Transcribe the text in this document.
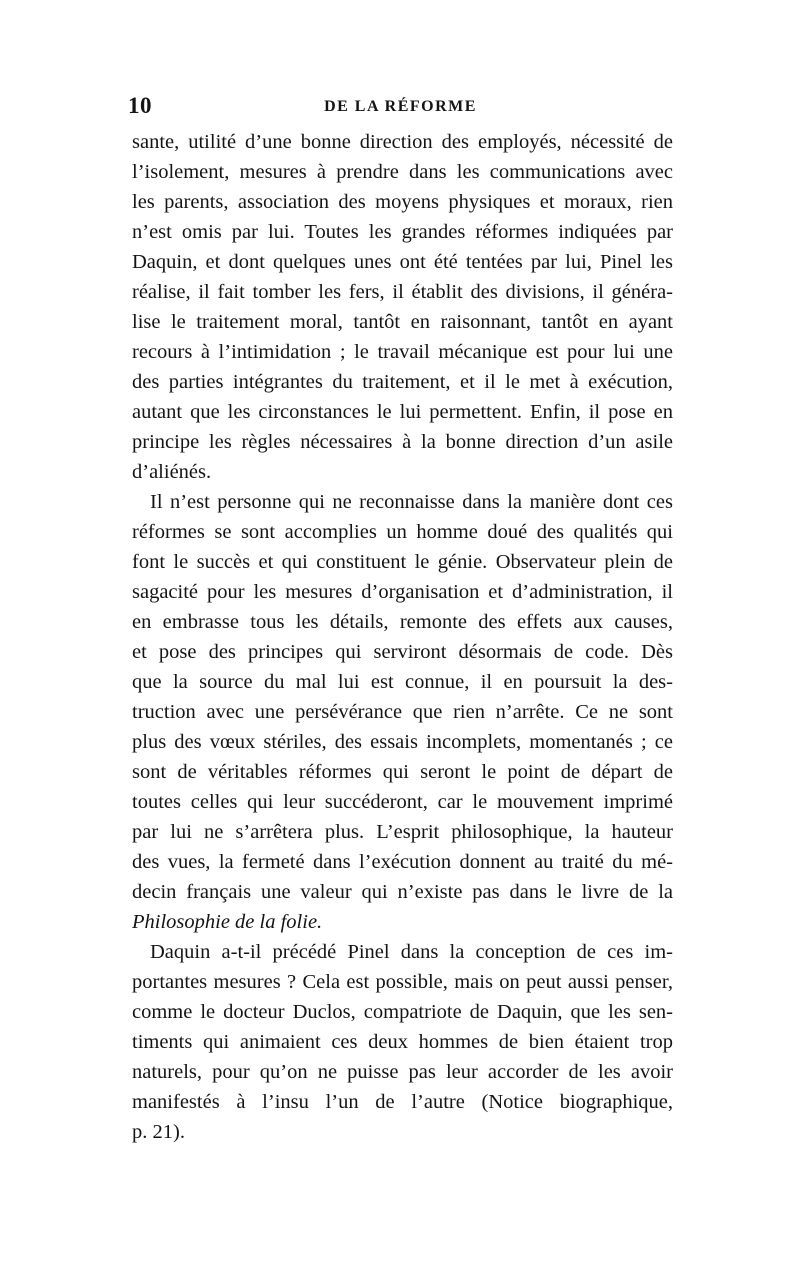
10	DE LA RÉFORME
sante, utilité d’une bonne direction des employés, nécessité de
l’isolement, mesures à prendre dans les communications avec
les parents, association des moyens physiques et moraux, rien
n’est omis par lui. Toutes les grandes réformes indiquées par
Daquin, et dont quelques unes ont été tentées par lui, Pinel les
réalise, il fait tomber les fers, il établit des divisions, il généra-
lise le traitement moral, tantôt en raisonnant, tantôt en ayant
recours à l’intimidation ; le travail mécanique est pour lui une
des parties intégrantes du traitement, et il le met à exécution,
autant que les circonstances le lui permettent. Enfin, il pose en
principe les règles nécessaires à la bonne direction d’un asile
d’aliénés.
Il n’est personne qui ne reconnaisse dans la manière dont ces
réformes se sont accomplies un homme doué des qualités qui
font le succès et qui constituent le génie. Observateur plein de
sagacité pour les mesures d’organisation et d’administration, il
en embrasse tous les détails, remonte des effets aux causes,
et pose des principes qui serviront désormais de code. Dès
que la source du mal lui est connue, il en poursuit la des-
truction avec une persévérance que rien n’arrête. Ce ne sont
plus des vœux stériles, des essais incomplets, momentanés ; ce
sont de véritables réformes qui seront le point de départ de
toutes celles qui leur succéderont, car le mouvement imprimé
par lui ne s’arrêtera plus. L’esprit philosophique, la hauteur
des vues, la fermeté dans l’exécution donnent au traité du mé-
decin français une valeur qui n’existe pas dans le livre de la
Philosophie de la folie.
Daquin a-t-il précédé Pinel dans la conception de ces im-
portantes mesures ? Cela est possible, mais on peut aussi penser,
comme le docteur Duclos, compatriote de Daquin, que les sen-
timents qui animaient ces deux hommes de bien étaient trop
naturels, pour qu’on ne puisse pas leur accorder de les avoir
manifestés à l’insu l’un de l’autre (Notice biographique,
p. 21).
